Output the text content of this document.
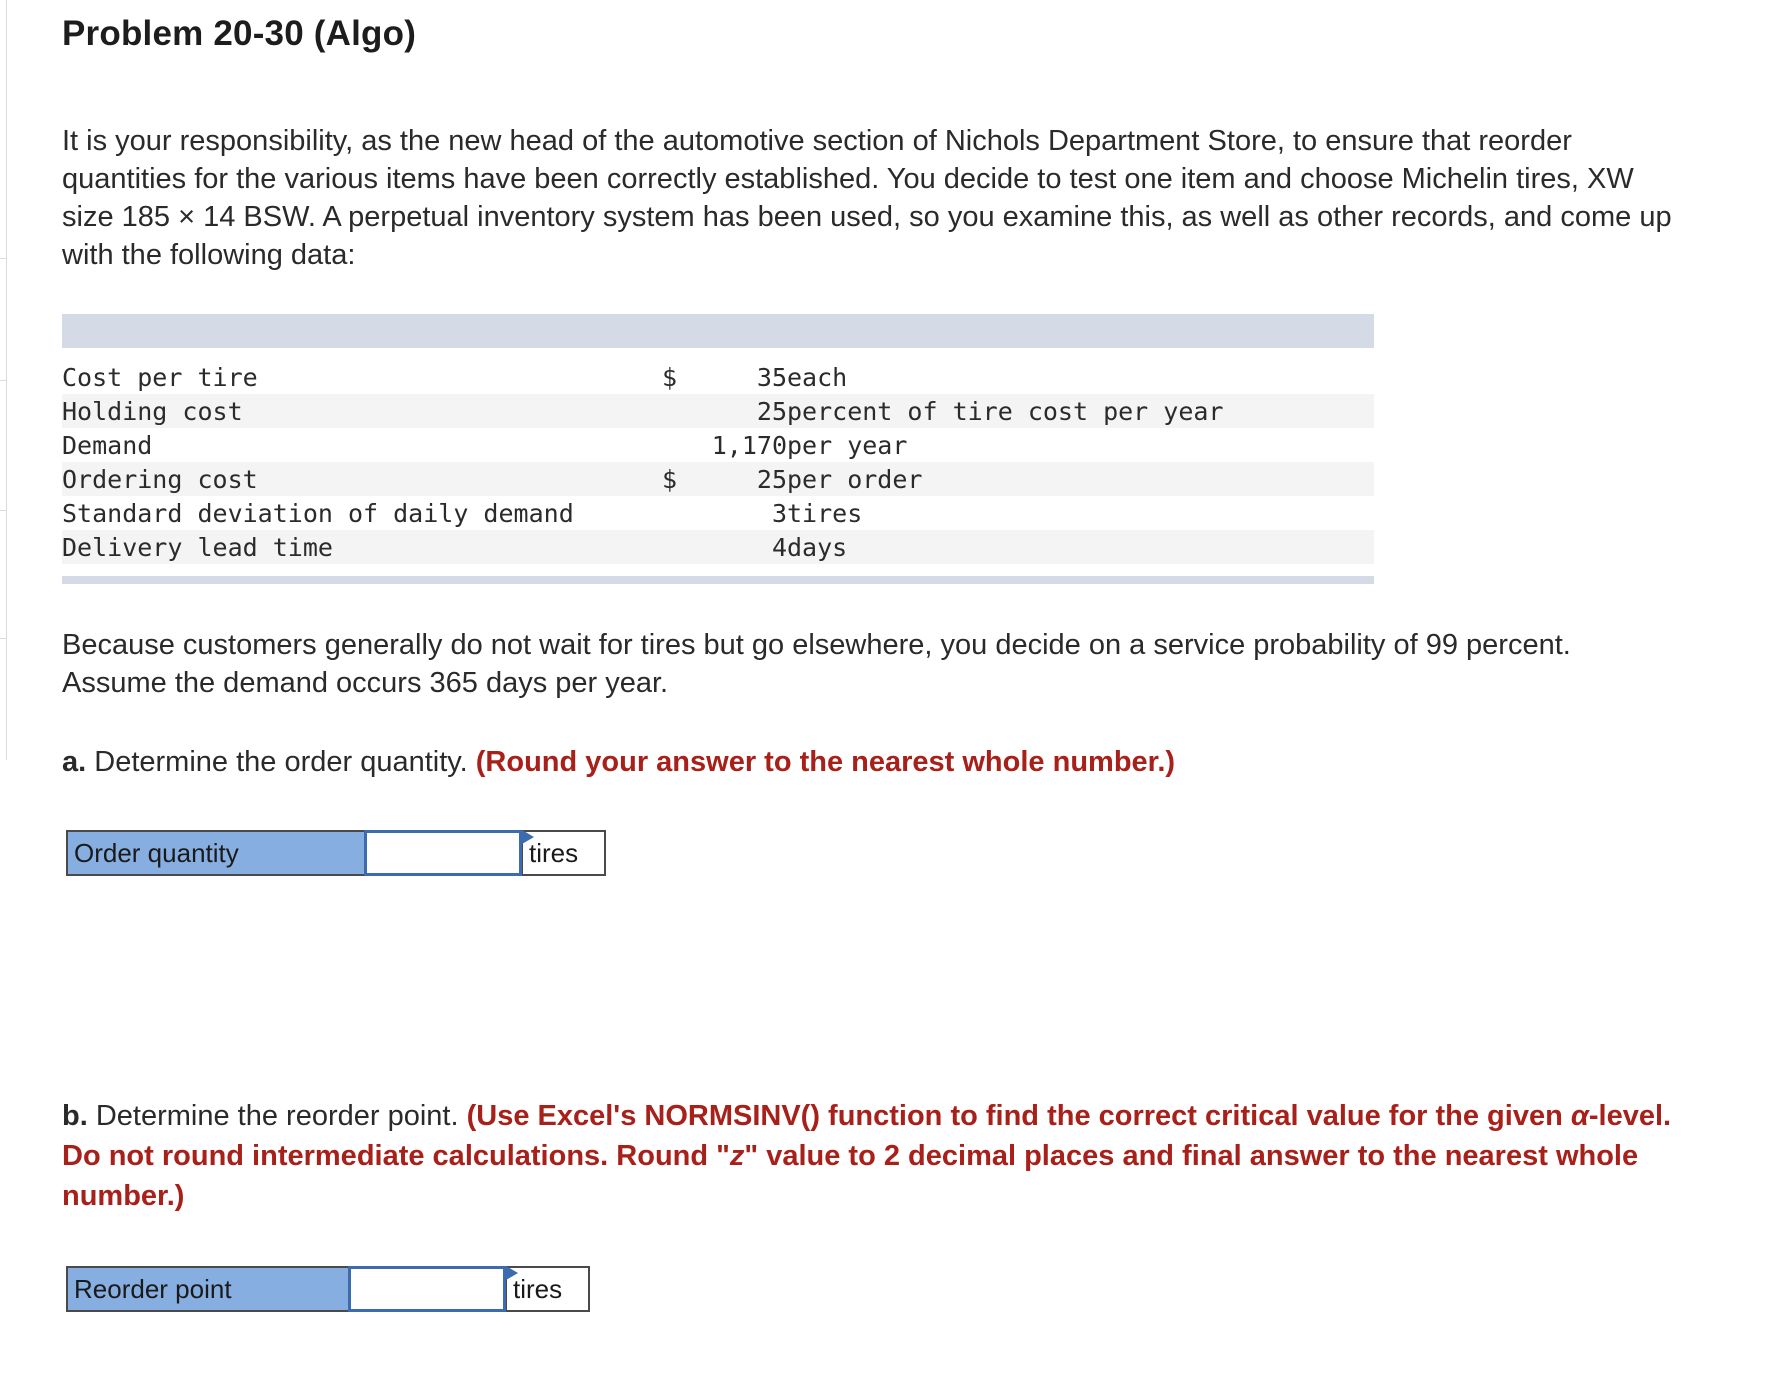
Problem 20-30 (Algo)
It is your responsibility, as the new head of the automotive section of Nichols Department Store, to ensure that reorder quantities for the various items have been correctly established. You decide to test one item and choose Michelin tires, XW size 185 × 14 BSW. A perpetual inventory system has been used, so you examine this, as well as other records, and come up with the following data:

Cost per tire	$	35	each
Holding cost		25	percent of tire cost per year
Demand		1,170	per year
Ordering cost	$	25	per order
Standard deviation of daily demand		3	tires
Delivery lead time		4	days

Because customers generally do not wait for tires but go elsewhere, you decide on a service probability of 99 percent. Assume the demand occurs 365 days per year.
a. Determine the order quantity. (Round your answer to the nearest whole number.)
Order quantity	tires
b. Determine the reorder point. (Use Excel's NORMSINV() function to find the correct critical value for the given α-level. Do not round intermediate calculations. Round "z" value to 2 decimal places and final answer to the nearest whole number.)
Reorder point	tires
